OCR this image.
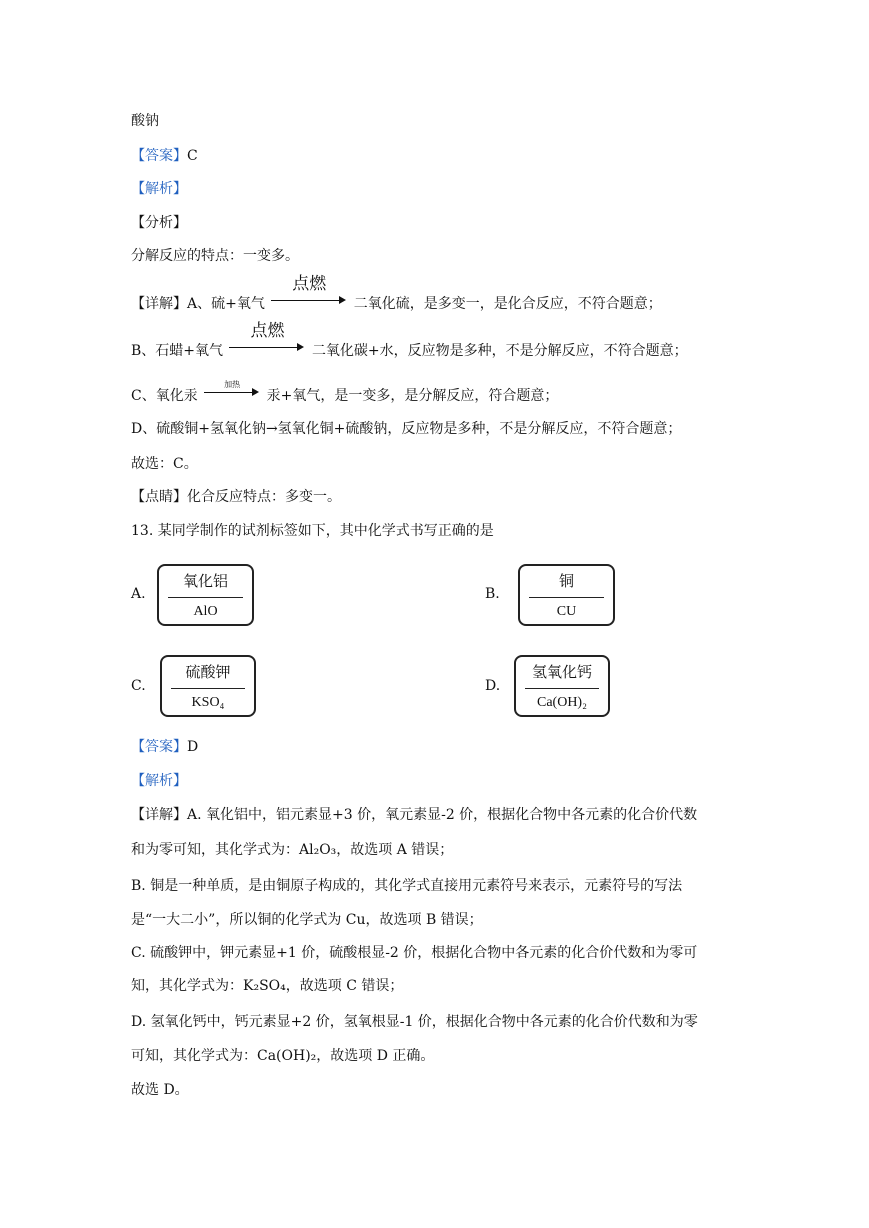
酸钠
【答案】C
【解析】
【分析】
分解反应的特点：一变多。
【详解】A、硫+氧气
点燃
二氧化硫，是多变一，是化合反应，不符合题意；
B、石蜡+氧气
点燃
二氧化碳+水，反应物是多种，不是分解反应，不符合题意；
C、氧化汞
加热
汞+氧气，是一变多，是分解反应，符合题意；
D、硫酸铜+氢氧化钠→氢氧化铜+硫酸钠，反应物是多种，不是分解反应，不符合题意；
故选：C。
【点睛】化合反应特点：多变一。
13. 某同学制作的试剂标签如下，其中化学式书写正确的是
A.
氧化铝
AlO
B.
铜
CU
C.
硫酸钾
KSO₄
D.
氢氧化钙
Ca(OH)₂
【答案】D
【解析】
【详解】A. 氧化铝中，铝元素显+3 价，氧元素显-2 价，根据化合物中各元素的化合价代数
和为零可知，其化学式为：Al₂O₃，故选项 A 错误；
B. 铜是一种单质，是由铜原子构成的，其化学式直接用元素符号来表示，元素符号的写法
是“一大二小”，所以铜的化学式为 Cu，故选项 B 错误；
C. 硫酸钾中，钾元素显+1 价，硫酸根显-2 价，根据化合物中各元素的化合价代数和为零可
知，其化学式为：K₂SO₄，故选项 C 错误；
D. 氢氧化钙中，钙元素显+2 价，氢氧根显-1 价，根据化合物中各元素的化合价代数和为零
可知，其化学式为：Ca(OH)₂，故选项 D 正确。
故选 D。
